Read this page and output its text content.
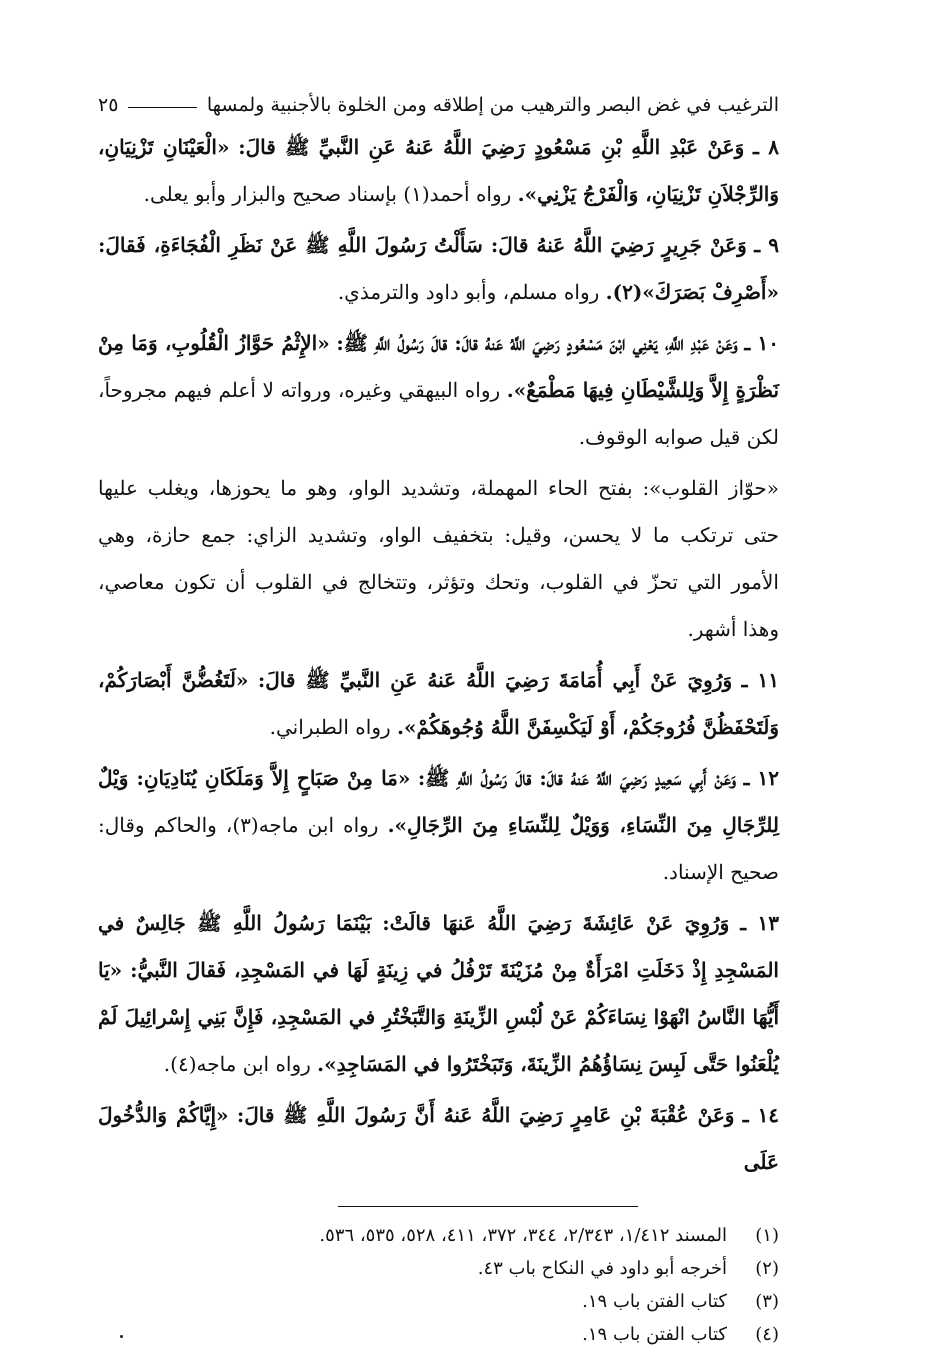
الترغيب في غض البصر والترهيب من إطلاقه ومن الخلوة بالأجنبية ولمسها
٢٥

٨ ـ وَعَنْ عَبْدِ اللَّهِ بْنِ مَسْعُودٍ رَضِيَ اللَّهُ عَنهُ عَنِ النَّبيِّ ﷺ قالَ: «الْعَيْنَانِ تَزْنِيَانِ، وَالرِّجْلاَنِ تَزْنِيَانِ، وَالْفَرْجُ يَزْنِي». رواه أحمد(١) بإسناد صحيح والبزار وأبو يعلى.

٩ ـ وَعَنْ جَرِيرٍ رَضِيَ اللَّهُ عَنهُ قالَ: سَأَلْتُ رَسُولَ اللَّهِ ﷺ عَنْ نَظَرِ الْفُجَاءَةِ، فَقالَ: «أَصْرِفْ بَصَرَكَ»(٢). رواه مسلم، وأبو داود والترمذي.

١٠ ـ وَعَنْ عَبْدِ اللَّهِ، يَعْنِي ابْنَ مَسْعُودٍ رَضِيَ اللَّهُ عَنهُ قالَ: قالَ رَسُولُ اللَّهِ ﷺ: «الإِثْمُ حَوَّازُ الْقُلُوبِ، وَمَا مِنْ نَظْرَةٍ إِلاَّ وَلِلشَّيْطَانِ فِيهَا مَطْمَعٌ». رواه البيهقي وغيره، ورواته لا أعلم فيهم مجروحاً، لكن قيل صوابه الوقوف.

«حوّاز القلوب»: بفتح الحاء المهملة، وتشديد الواو، وهو ما يحوزها، ويغلب عليها حتى ترتكب ما لا يحسن، وقيل: بتخفيف الواو، وتشديد الزاي: جمع حازة، وهي الأمور التي تحزّ في القلوب، وتحك وتؤثر، وتتخالج في القلوب أن تكون معاصي، وهذا أشهر.

١١ ـ وَرُوِيَ عَنْ أَبِي أُمَامَةَ رَضِيَ اللَّهُ عَنهُ عَنِ النَّبيِّ ﷺ قالَ: «لَتَغُضُّنَّ أَبْصَارَكُمْ، وَلَتَحْفَظُنَّ فُرُوجَكُمْ، أَوْ لَيَكْسِفَنَّ اللَّهُ وُجُوهَكُمْ». رواه الطبراني.

١٢ ـ وَعَنْ أَبِي سَعِيدٍ رَضِيَ اللَّهُ عَنهُ قالَ: قالَ رَسُولُ اللَّهِ ﷺ: «مَا مِنْ صَبَاحٍ إِلاَّ وَمَلَكَانِ يُنَادِيَانِ: وَيْلٌ لِلرِّجَالِ مِنَ النِّسَاءِ، وَوَيْلٌ لِلنِّسَاءِ مِنَ الرِّجَالِ». رواه ابن ماجه(٣)، والحاكم وقال: صحيح الإسناد.

١٣ ـ وَرُوِيَ عَنْ عَائِشَةَ رَضِيَ اللَّهُ عَنهَا قالَتْ: بَيْنَمَا رَسُولُ اللَّهِ ﷺ جَالِسٌ في المَسْجِدِ إِذْ دَخَلَتِ امْرَأَةٌ مِنْ مُزَيْنَةَ تَرْفُلُ في زِينَةٍ لَهَا في المَسْجِدِ، فَقالَ النَّبيُّ: «يَا أَيُّهَا النَّاسُ انْهَوْا نِسَاءَكُمْ عَنْ لُبْسِ الزِّينَةِ وَالتَّبَخْتُرِ في المَسْجِدِ، فَإِنَّ بَنِي إِسْرائِيلَ لَمْ يُلْعَنُوا حَتَّى لَبِسَ نِسَاؤُهُمُ الزِّينَةَ، وَتَبَخْتَرُوا في المَسَاجِدِ». رواه ابن ماجه(٤).

١٤ ـ وَعَنْ عُقْبَةَ بْنِ عَامِرٍ رَضِيَ اللَّهُ عَنهُ أَنَّ رَسُولَ اللَّهِ ﷺ قالَ: «إِيَّاكُمْ وَالدُّخُولَ عَلَى

(١)
المسند ١/٤١٢، ٢/٣٤٣، ٣٤٤، ٣٧٢، ٤١١، ٥٢٨، ٥٣٥، ٥٣٦.
(٢)
أخرجه أبو داود في النكاح باب ٤٣.
(٣)
كتاب الفتن باب ١٩.
(٤)
كتاب الفتن باب ١٩.
